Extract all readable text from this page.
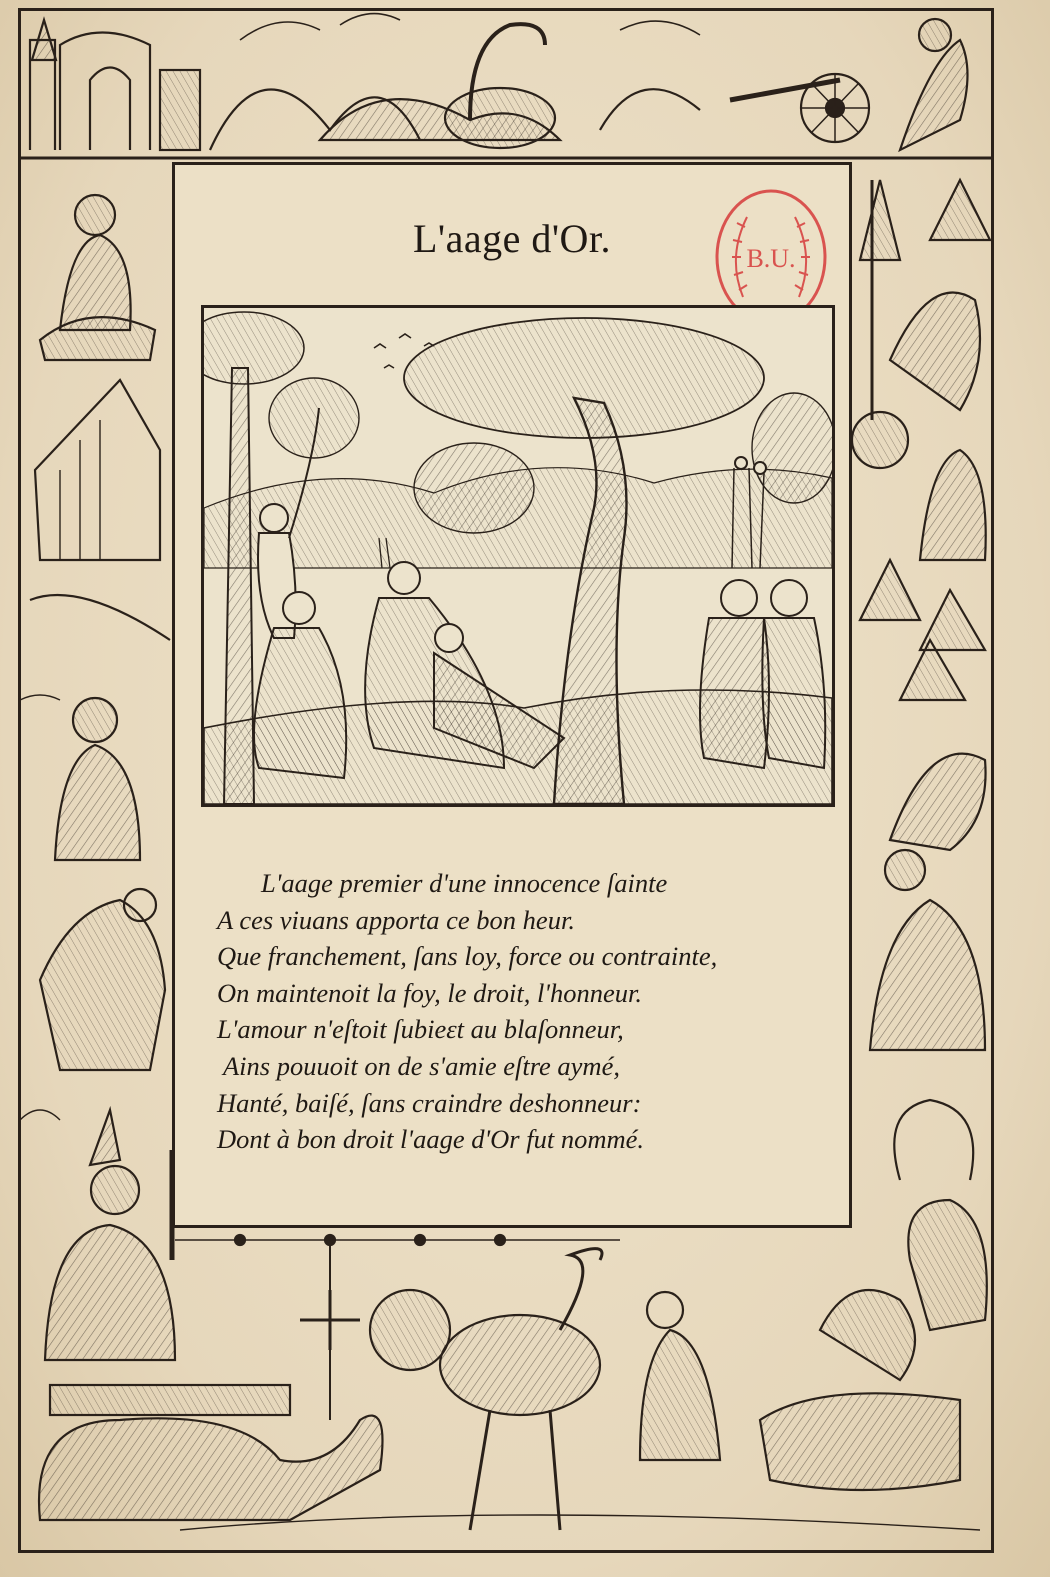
L'aage d'Or.	B.U.
L'aage premier d'une innocence ſainte
A ces viuans apporta ce bon heur.
Que franchement, ſans loy, force ou contrainte,
On maintenoit la foy, le droit, l'honneur.
L'amour n'eſtoit ſubieɛt au blaſonneur,
Ains pouuoit on de s'amie eſtre aymé,
Hanté, baiſé, ſans craindre deshonneur:
Dont à bon droit l'aage d'Or fut nommé.
